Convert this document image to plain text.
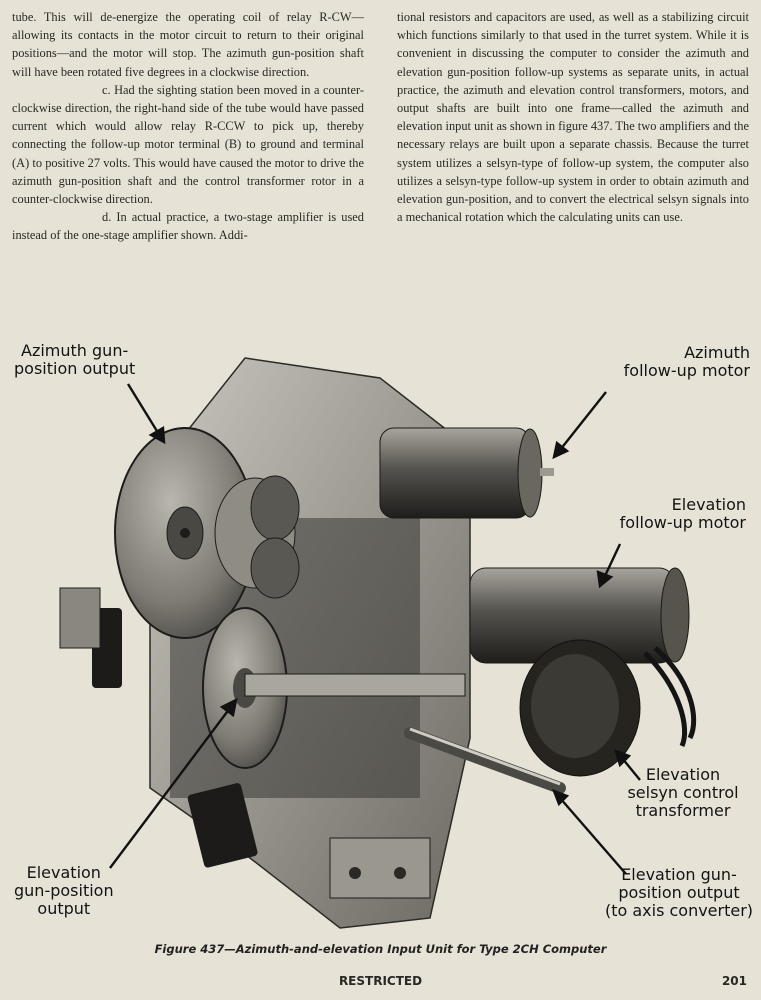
tube. This will de-energize the operating coil of relay R-CW—allowing its contacts in the motor circuit to return to their original positions—and the motor will stop. The azimuth gun-position shaft will have been rotated five degrees in a clockwise direction.

c. Had the sighting station been moved in a counter-clockwise direction, the right-hand side of the tube would have passed current which would allow relay R-CCW to pick up, thereby connecting the follow-up motor terminal (B) to ground and terminal (A) to positive 27 volts. This would have caused the motor to drive the azimuth gun-position shaft and the control transformer rotor in a counter-clockwise direction.

d. In actual practice, a two-stage amplifier is used instead of the one-stage amplifier shown. Addi-

tional resistors and capacitors are used, as well as a stabilizing circuit which functions similarly to that used in the turret system. While it is convenient in discussing the computer to consider the azimuth and elevation gun-position follow-up systems as separate units, in actual practice, the azimuth and elevation control transformers, motors, and output shafts are built into one frame—called the azimuth and elevation input unit as shown in figure 437. The two amplifiers and the necessary relays are built upon a separate chassis. Because the turret system utilizes a selsyn-type of follow-up system, the computer also utilizes a selsyn-type follow-up system in order to obtain azimuth and elevation gun-position, and to convert the electrical selsyn signals into a mechanical rotation which the calculating units can use.

Azimuth gun-
position output
Azimuth
follow-up motor
Elevation
follow-up motor
Elevation
selsyn control
transformer
Elevation
gun-position
output
Elevation gun-
position output
(to axis converter)
Figure 437—Azimuth-and-elevation Input Unit for Type 2CH Computer
RESTRICTED	201
